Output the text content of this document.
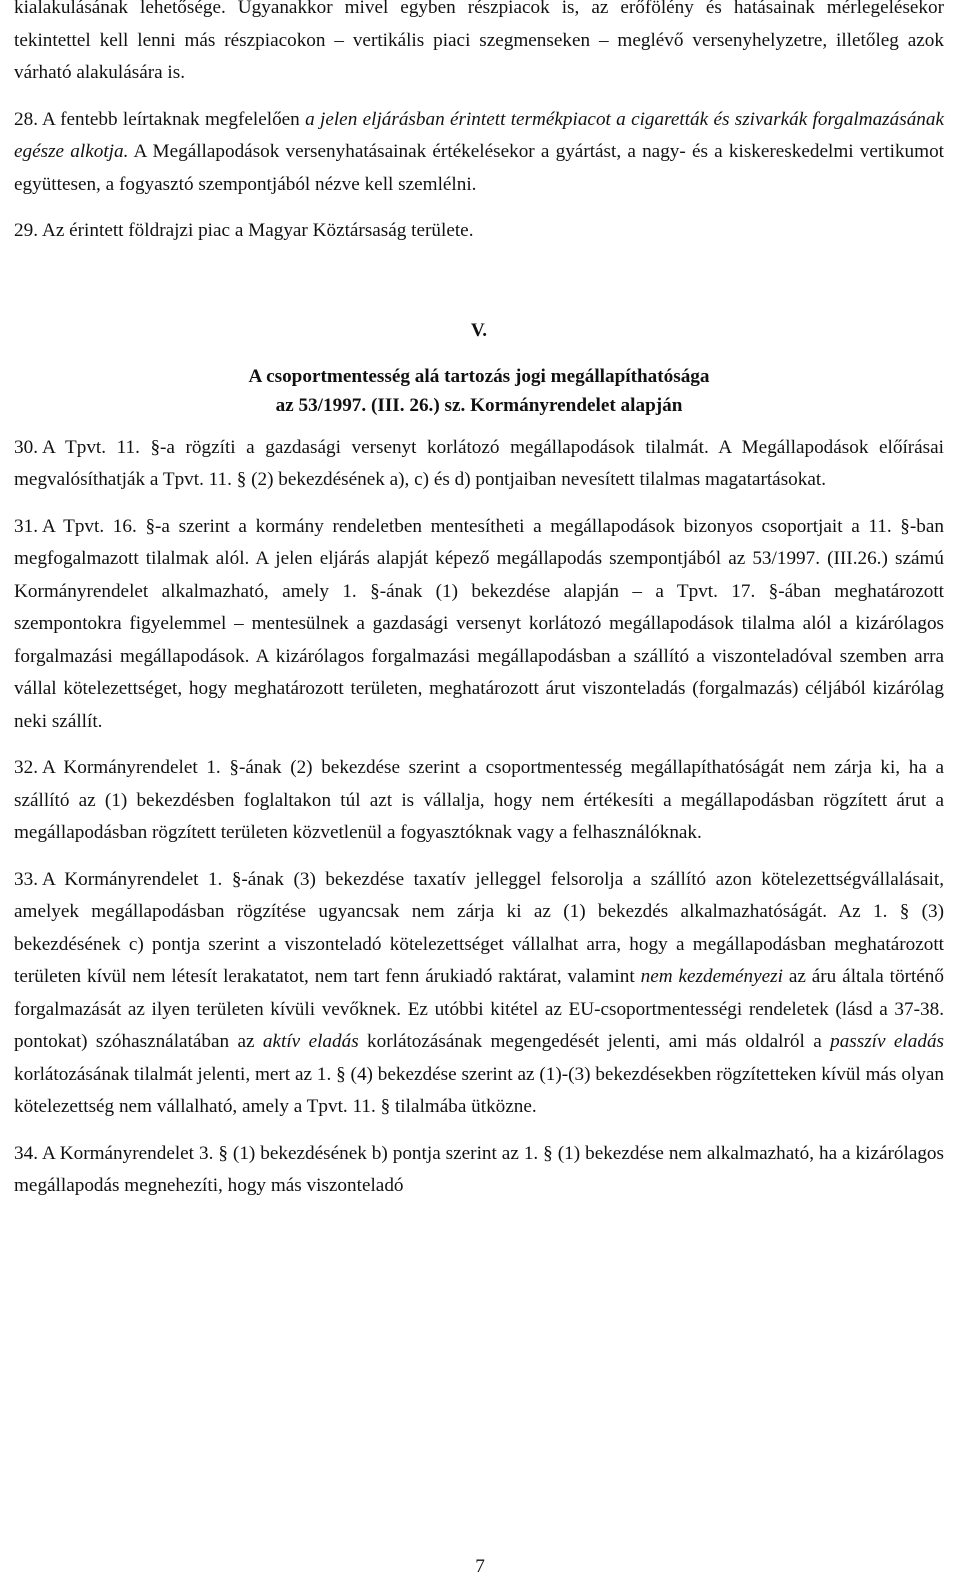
kialakulásának lehetősége. Ugyanakkor mivel egyben részpiacok is, az erőfölény és hatásainak mérlegelésekor tekintettel kell lenni más részpiacokon – vertikális piaci szegmenseken – meglévő versenyhelyzetre, illetőleg azok várható alakulására is.

28. A fentebb leírtaknak megfelelően a jelen eljárásban érintett termékpiacot a cigaretták és szivarkák forgalmazásának egésze alkotja. A Megállapodások versenyhatásainak értékelésekor a gyártást, a nagy- és a kiskereskedelmi vertikumot együttesen, a fogyasztó szempontjából nézve kell szemlélni.

29. Az érintett földrajzi piac a Magyar Köztársaság területe.

V.

A csoportmentesség alá tartozás jogi megállapíthatósága

az 53/1997. (III. 26.) sz. Kormányrendelet alapján

30. A Tpvt. 11. §-a rögzíti a gazdasági versenyt korlátozó megállapodások tilalmát. A Megállapodások előírásai megvalósíthatják a Tpvt. 11. § (2) bekezdésének a), c) és d) pontjaiban nevesített tilalmas magatartásokat.

31. A Tpvt. 16. §-a szerint a kormány rendeletben mentesítheti a megállapodások bizonyos csoportjait a 11. §-ban megfogalmazott tilalmak alól. A jelen eljárás alapját képező megállapodás szempontjából az 53/1997. (III.26.) számú Kormányrendelet alkalmazható, amely 1. §-ának (1) bekezdése alapján – a Tpvt. 17. §-ában meghatározott szempontokra figyelemmel – mentesülnek a gazdasági versenyt korlátozó megállapodások tilalma alól a kizárólagos forgalmazási megállapodások. A kizárólagos forgalmazási megállapodásban a szállító a viszonteladóval szemben arra vállal kötelezettséget, hogy meghatározott területen, meghatározott árut viszonteladás (forgalmazás) céljából kizárólag neki szállít.

32. A Kormányrendelet 1. §-ának (2) bekezdése szerint a csoportmentesség megállapíthatóságát nem zárja ki, ha a szállító az (1) bekezdésben foglaltakon túl azt is vállalja, hogy nem értékesíti a megállapodásban rögzített árut a megállapodásban rögzített területen közvetlenül a fogyasztóknak vagy a felhasználóknak.

33. A Kormányrendelet 1. §-ának (3) bekezdése taxatív jelleggel felsorolja a szállító azon kötelezettségvállalásait, amelyek megállapodásban rögzítése ugyancsak nem zárja ki az (1) bekezdés alkalmazhatóságát. Az 1. § (3) bekezdésének c) pontja szerint a viszonteladó kötelezettséget vállalhat arra, hogy a megállapodásban meghatározott területen kívül nem létesít lerakatatot, nem tart fenn árukiadó raktárat, valamint nem kezdeményezi az áru általa történő forgalmazását az ilyen területen kívüli vevőknek. Ez utóbbi kitétel az EU-csoportmentességi rendeletek (lásd a 37-38. pontokat) szóhasználatában az aktív eladás korlátozásának megengedését jelenti, ami más oldalról a passzív eladás korlátozásának tilalmát jelenti, mert az 1. § (4) bekezdése szerint az (1)-(3) bekezdésekben rögzítetteken kívül más olyan kötelezettség nem vállalható, amely a Tpvt. 11. § tilalmába ütközne.

34. A Kormányrendelet 3. § (1) bekezdésének b) pontja szerint az 1. § (1) bekezdése nem alkalmazható, ha a kizárólagos megállapodás megnehezíti, hogy más viszonteladó

7
